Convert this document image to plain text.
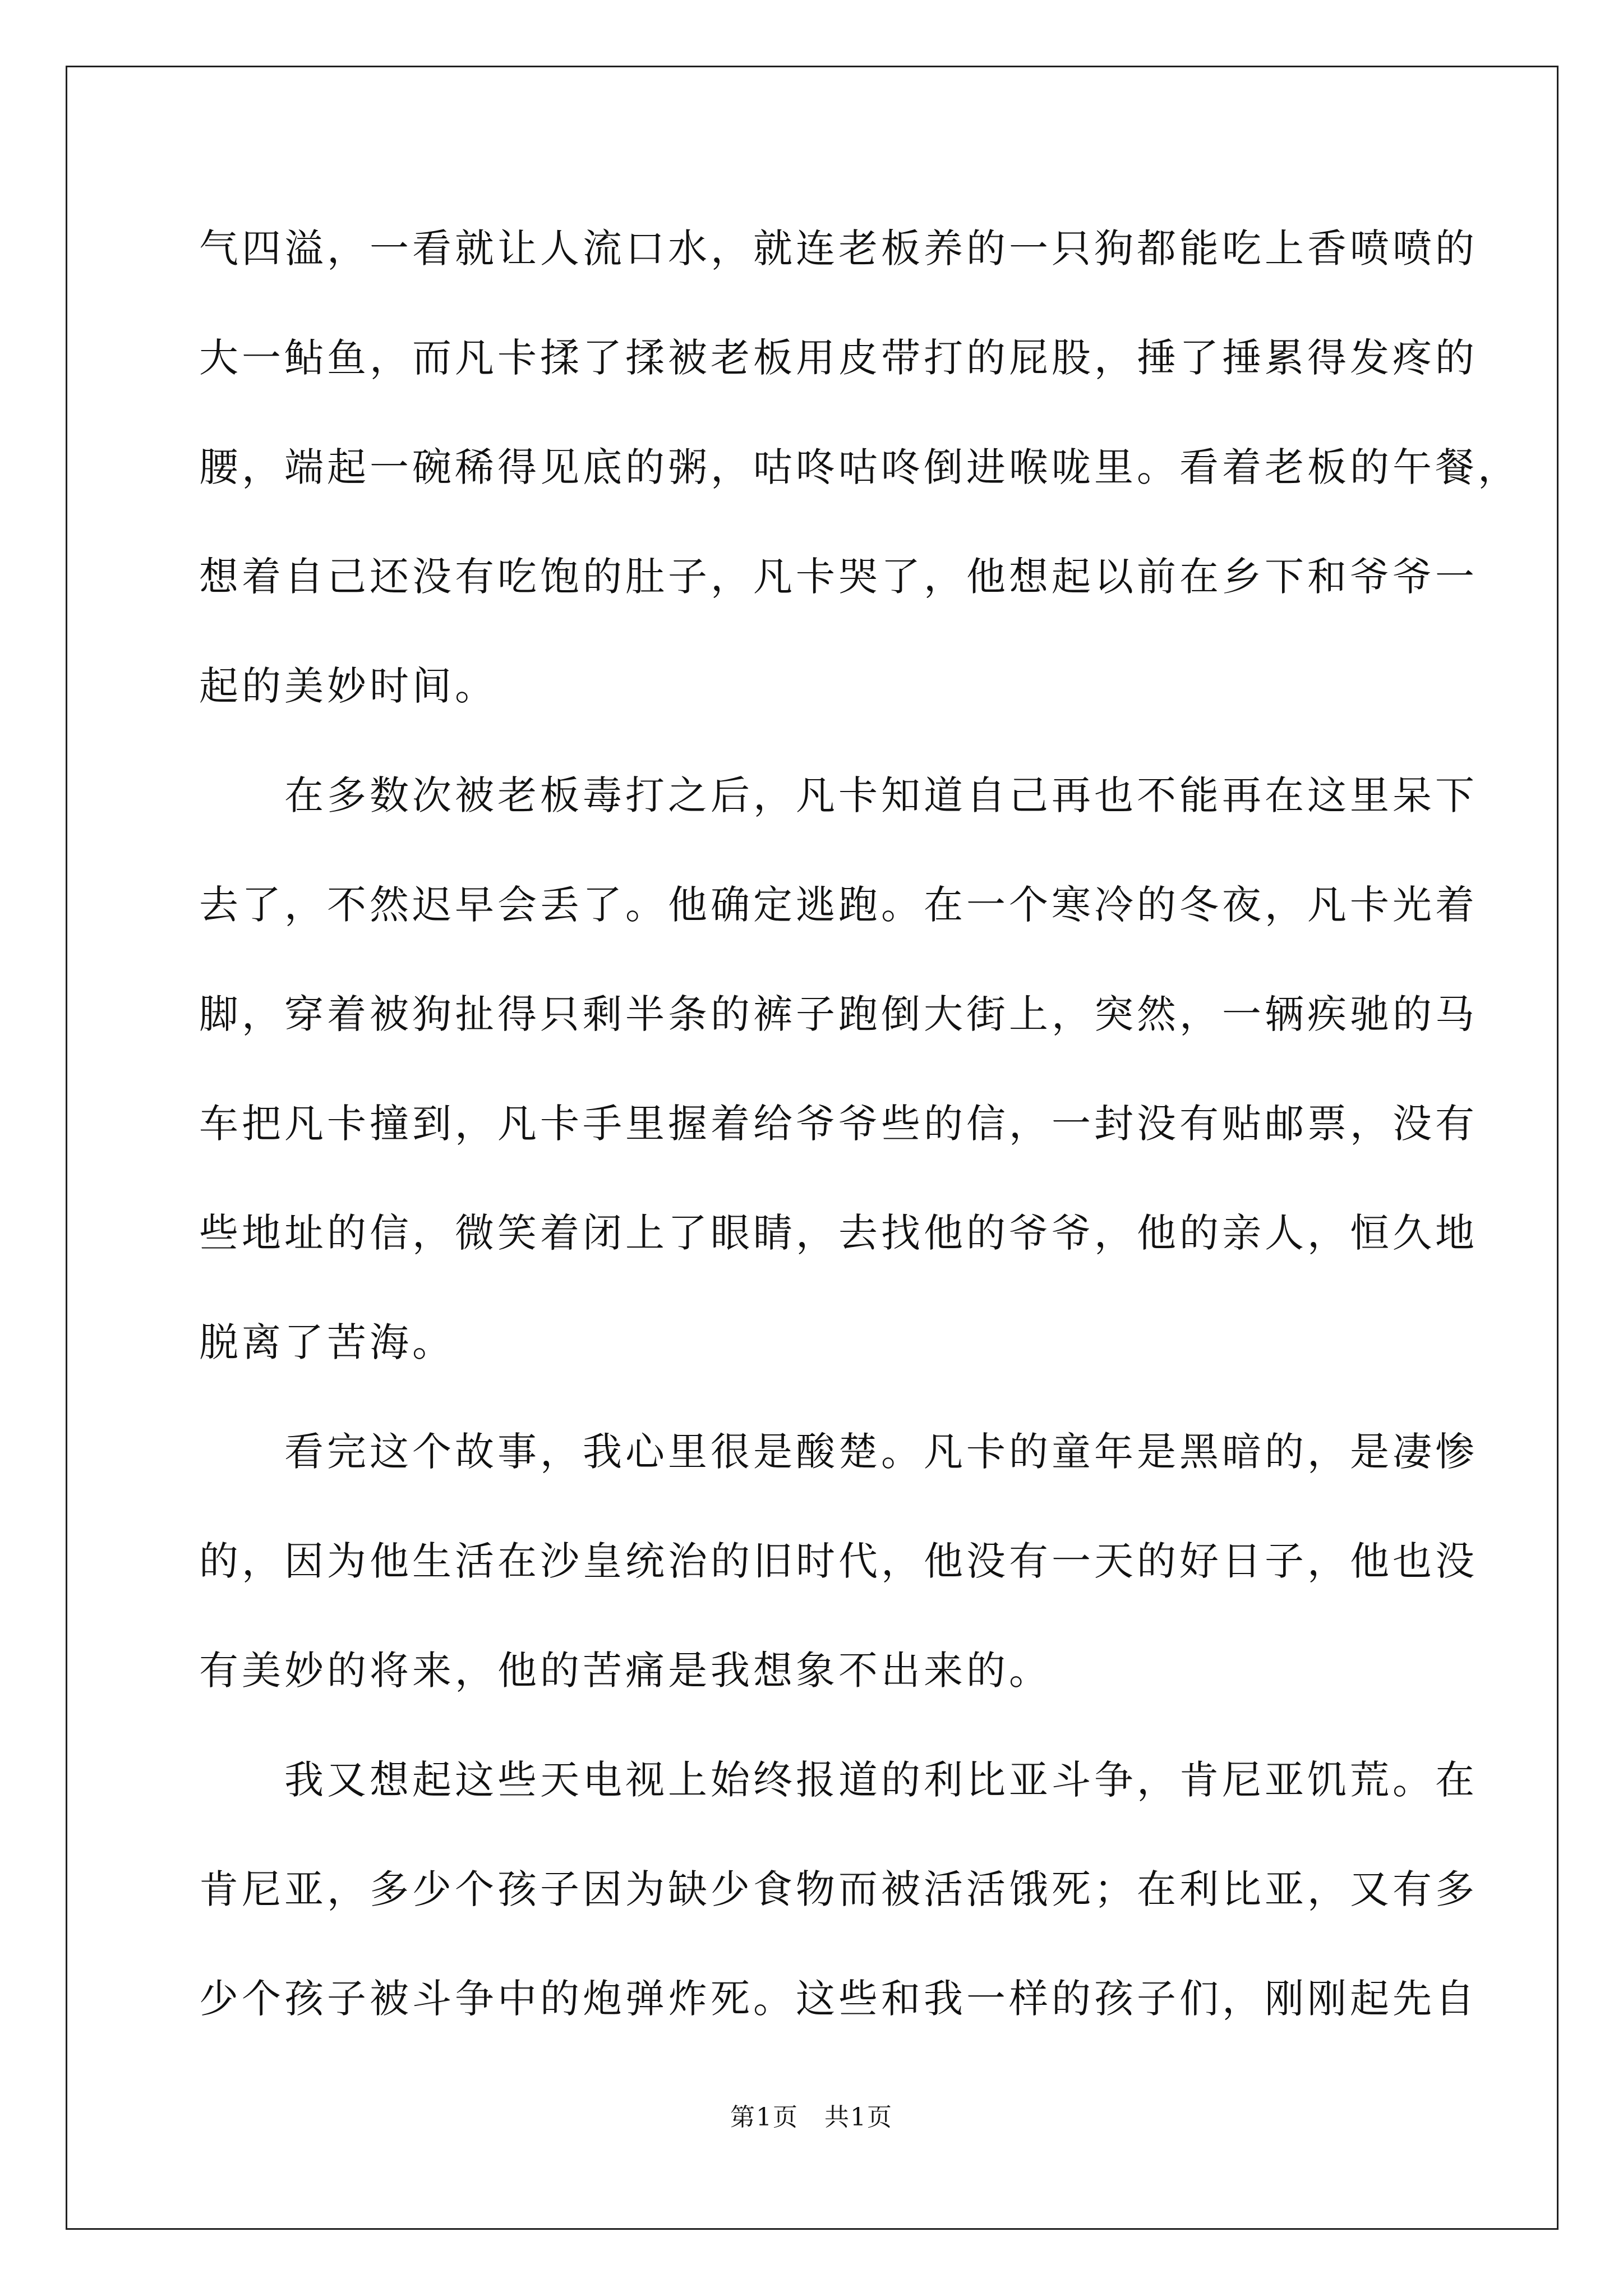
气四溢，一看就让人流口水，就连老板养的一只狗都能吃上香喷喷的
大一鲇鱼，而凡卡揉了揉被老板用皮带打的屁股，捶了捶累得发疼的
腰，端起一碗稀得见底的粥，咕咚咕咚倒进喉咙里。看着老板的午餐，
想着自己还没有吃饱的肚子，凡卡哭了，他想起以前在乡下和爷爷一
起的美妙时间。
　　在多数次被老板毒打之后，凡卡知道自己再也不能再在这里呆下
去了，不然迟早会丢了。他确定逃跑。在一个寒冷的冬夜，凡卡光着
脚，穿着被狗扯得只剩半条的裤子跑倒大街上，突然，一辆疾驰的马
车把凡卡撞到，凡卡手里握着给爷爷些的信，一封没有贴邮票，没有
些地址的信，微笑着闭上了眼睛，去找他的爷爷，他的亲人，恒久地
脱离了苦海。
　　看完这个故事，我心里很是酸楚。凡卡的童年是黑暗的，是凄惨
的，因为他生活在沙皇统治的旧时代，他没有一天的好日子，他也没
有美妙的将来，他的苦痛是我想象不出来的。
　　我又想起这些天电视上始终报道的利比亚斗争，肯尼亚饥荒。在
肯尼亚，多少个孩子因为缺少食物而被活活饿死；在利比亚，又有多
少个孩子被斗争中的炮弹炸死。这些和我一样的孩子们，刚刚起先自
第1页　共1页
